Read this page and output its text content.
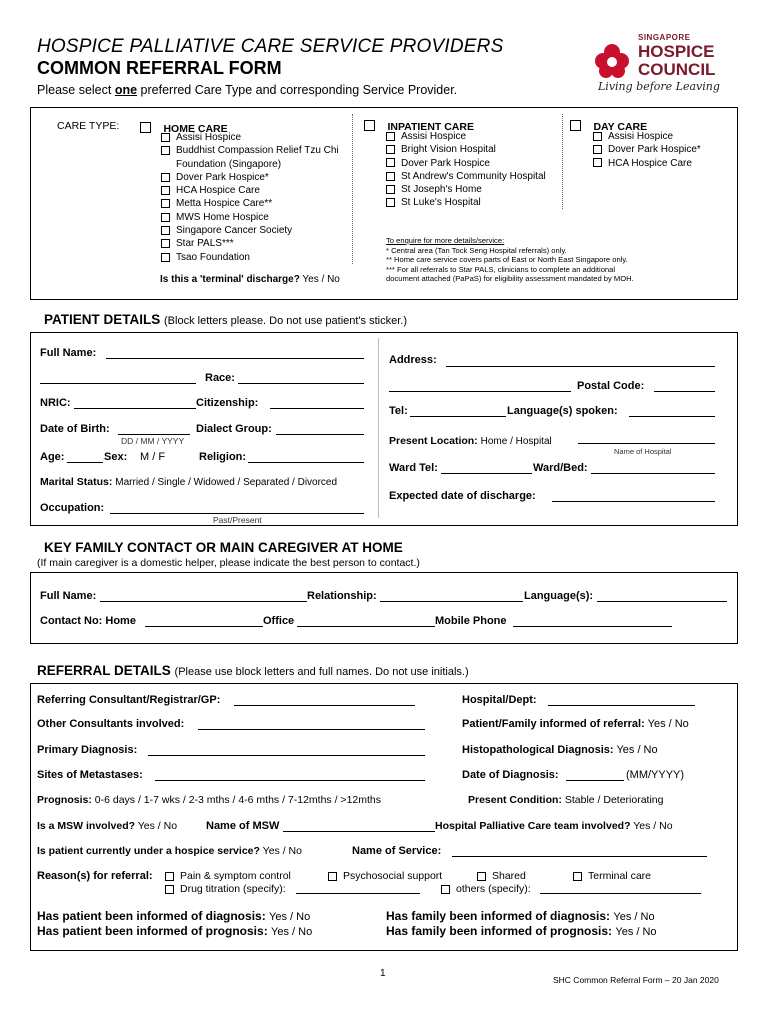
HOSPICE PALLIATIVE CARE SERVICE PROVIDERS
COMMON REFERRAL FORM
Please select one preferred Care Type and corresponding Service Provider.
SINGAPORE
HOSPICE
COUNCIL
Living before Leaving
CARE TYPE:	HOME CARE
Assisi Hospice
Buddhist Compassion Relief Tzu Chi
Foundation (Singapore)
Dover Park Hospice*
HCA Hospice Care
Metta Hospice Care**
MWS Home Hospice
Singapore Cancer Society
Star PALS***
Tsao Foundation
Is this a 'terminal' discharge? Yes / No
INPATIENT CARE
Assisi Hospice
Bright Vision Hospital
Dover Park Hospice
St Andrew's Community Hospital
St Joseph's Home
St Luke's Hospital
DAY CARE
Assisi Hospice
Dover Park Hospice*
HCA Hospice Care
To enquire for more details/service:
* Central area (Tan Tock Seng Hospital referrals) only.
** Home care service covers parts of East or North East Singapore only.
*** For all referrals to Star PALS, clinicians to complete an additional
document attached (PaPaS) for eligibility assessment mandated by MOH.
PATIENT DETAILS (Block letters please. Do not use patient's sticker.)
Full Name:
Race:
NRIC:	Citizenship:
Date of Birth:
DD / MM / YYYY
Dialect Group:
Age:	Sex: M / F	Religion:
Marital Status: Married / Single / Widowed / Separated / Divorced
Occupation:
Past/Present
Address:
Postal Code:
Tel:	Language(s) spoken:
Present Location: Home / Hospital
Name of Hospital
Ward Tel:	Ward/Bed:
Expected date of discharge:
KEY FAMILY CONTACT OR MAIN CAREGIVER AT HOME
(If main caregiver is a domestic helper, please indicate the best person to contact.)
Full Name:	Relationship:	Language(s):
Contact No: Home	Office	Mobile Phone
REFERRAL DETAILS (Please use block letters and full names. Do not use initials.)
Referring Consultant/Registrar/GP:	Hospital/Dept:
Other Consultants involved:	Patient/Family informed of referral: Yes / No
Primary Diagnosis:	Histopathological Diagnosis: Yes / No
Sites of Metastases:	Date of Diagnosis:	(MM/YYYY)
Prognosis: 0-6 days / 1-7 wks / 2-3 mths / 4-6 mths / 7-12mths / >12mths	Present Condition: Stable / Deteriorating
Is a MSW involved? Yes / No	Name of MSW	Hospital Palliative Care team involved? Yes / No
Is patient currently under a hospice service? Yes / No	Name of Service:
Reason(s) for referral:	Pain & symptom control	Psychosocial support	Shared	Terminal care
Drug titration (specify):	others (specify):
Has patient been informed of diagnosis: Yes / No
Has patient been informed of prognosis: Yes / No
Has family been informed of diagnosis: Yes / No
Has family been informed of prognosis: Yes / No
1
SHC Common Referral Form – 20 Jan 2020
